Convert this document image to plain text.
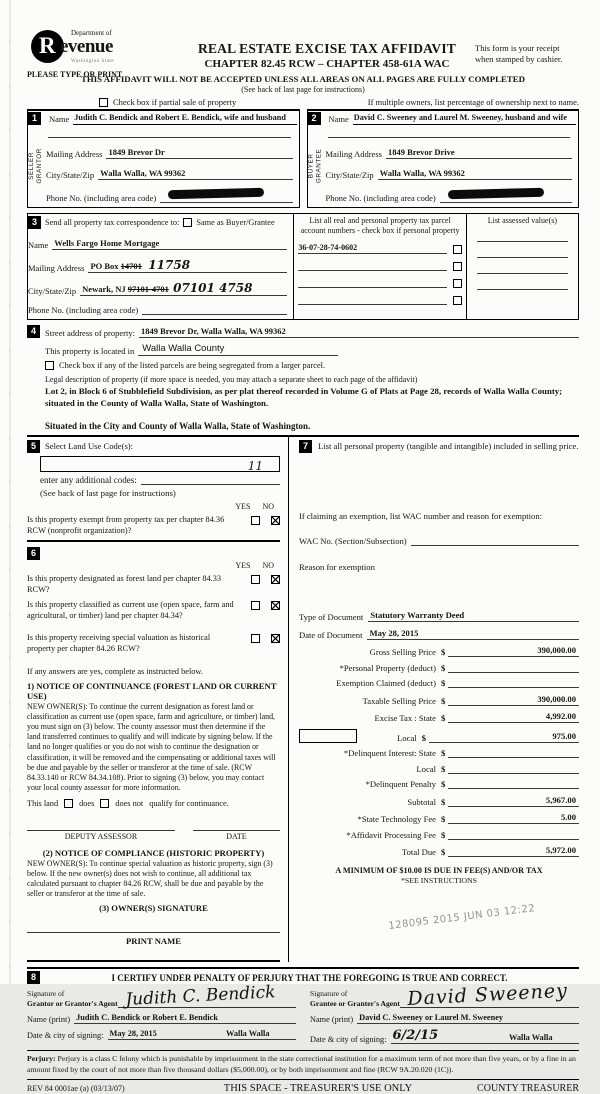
R Department of
evenue
Washington State
PLEASE TYPE OR PRINT
REAL ESTATE EXCISE TAX AFFIDAVIT
CHAPTER 82.45 RCW – CHAPTER 458-61A WAC
This form is your receipt
when stamped by cashier.
THIS AFFIDAVIT WILL NOT BE ACCEPTED UNLESS ALL AREAS ON ALL PAGES ARE FULLY COMPLETED
(See back of last page for instructions)
Check box if partial sale of property	If multiple owners, list percentage of ownership next to name.
1	Name Judith C. Bendick and Robert E. Bendick, wife and husband
SELLER
GRANTOR Mailing Address 1849 Brevor Dr
City/State/Zip Walla Walla, WA 99362
Phone No. (including area code)
2	Name David C. Sweeney and Laurel M. Sweeney, husband and wife
BUYER
GRANTEE Mailing Address 1849 Brevor Drive
City/State/Zip Walla Walla, WA 99362
Phone No. (including area code)
3 Send all property tax correspondence to: Same as Buyer/Grantee
Name Wells Fargo Home Mortgage
Mailing Address PO Box 14701 11758
City/State/Zip Newark, NJ 97101-4701 07101 4758
Phone No. (including area code)
List all real and personal property tax parcel account numbers - check box if personal property
36-07-28-74-0602
List assessed value(s)
4	Street address of property: 1849 Brevor Dr, Walla Walla, WA 99362
This property is located in Walla Walla County
Check box if any of the listed parcels are being segregated from a larger parcel.
Legal description of property (if more space is needed, you may attach a separate sheet to each page of the affidavit)
Lot 2, in Block 6 of Stubblefield Subdivision, as per plat thereof recorded in Volume G of Plats at Page 28, records of Walla Walla County; situated in the County of Walla Walla, State of Washington.
Situated in the City and County of Walla Walla, State of Washington.
5	Select Land Use Code(s):
11
enter any additional codes:
(See back of last page for instructions)
YES NO
Is this property exempt from property tax per chapter 84.36 RCW (nonprofit organization)?
6
YES NO
Is this property designated as forest land per chapter 84.33 RCW?
Is this property classified as current use (open space, farm and agricultural, or timber) land per chapter 84.34?
Is this property receiving special valuation as historical property per chapter 84.26 RCW?
If any answers are yes, complete as instructed below.
1) NOTICE OF CONTINUANCE (FOREST LAND OR CURRENT USE)
NEW OWNER(S): To continue the current designation as forest land or classification as current use (open space, farm and agriculture, or timber) land, you must sign on (3) below. The county assessor must then determine if the land transferred continues to qualify and will indicate by signing below. If the land no longer qualifies or you do not wish to continue the designation or classification, it will be removed and the compensating or additional taxes will be due and payable by the seller or transferor at the time of sale. (RCW 84.33.140 or RCW 84.34.108). Prior to signing (3) below, you may contact your local county assessor for more information.
This land	does	does not qualify for continuance.
DEPUTY ASSESSOR	DATE
(2) NOTICE OF COMPLIANCE (HISTORIC PROPERTY)
NEW OWNER(S): To continue special valuation as historic property, sign (3) below. If the new owner(s) does not wish to continue, all additional tax calculated pursuant to chapter 84.26 RCW, shall be due and payable by the seller or transferor at the time of sale.
(3) OWNER(S) SIGNATURE
PRINT NAME
7	List all personal property (tangible and intangible) included in selling price.
If claiming an exemption, list WAC number and reason for exemption:
WAC No. (Section/Subsection)
Reason for exemption
Type of Document Statutory Warranty Deed
Date of Document May 28, 2015
Gross Selling Price $	390,000.00
*Personal Property (deduct) $
Exemption Claimed (deduct) $
Taxable Selling Price $	390,000.00
Excise Tax : State $	4,992.00
Local $	975.00
*Delinquent Interest: State $
Local $
*Delinquent Penalty $
Subtotal $	5,967.00
*State Technology Fee $	5.00
*Affidavit Processing Fee $
Total Due $	5,972.00
A MINIMUM OF $10.00 IS DUE IN FEE(S) AND/OR TAX
*SEE INSTRUCTIONS
8	I CERTIFY UNDER PENALTY OF PERJURY THAT THE FOREGOING IS TRUE AND CORRECT.
Signature of
Grantor or Grantor's Agent Judith C. Bendick
Name (print) Judith C. Bendick or Robert E. Bendick
Date & city of signing: May 28, 2015	Walla Walla
Signature of
Grantee or Granter's Agent David Sweeney
Name (print) David C. Sweeney or Laurel M. Sweeney
Date & city of signing: 6/2/15	Walla Walla
Perjury: Perjury is a class C felony which is punishable by imprisonment in the state correctional institution for a maximum term of not more than five years, or by a fine in an amount fixed by the court of not more than five thousand dollars ($5,000.00), or by both imprisonment and fine (RCW 9A.20.020 (1C)).
REV 84 0001ae (a) (03/13/07)	THIS SPACE - TREASURER'S USE ONLY	COUNTY TREASURER
128095 2015 JUN 03 12:22
